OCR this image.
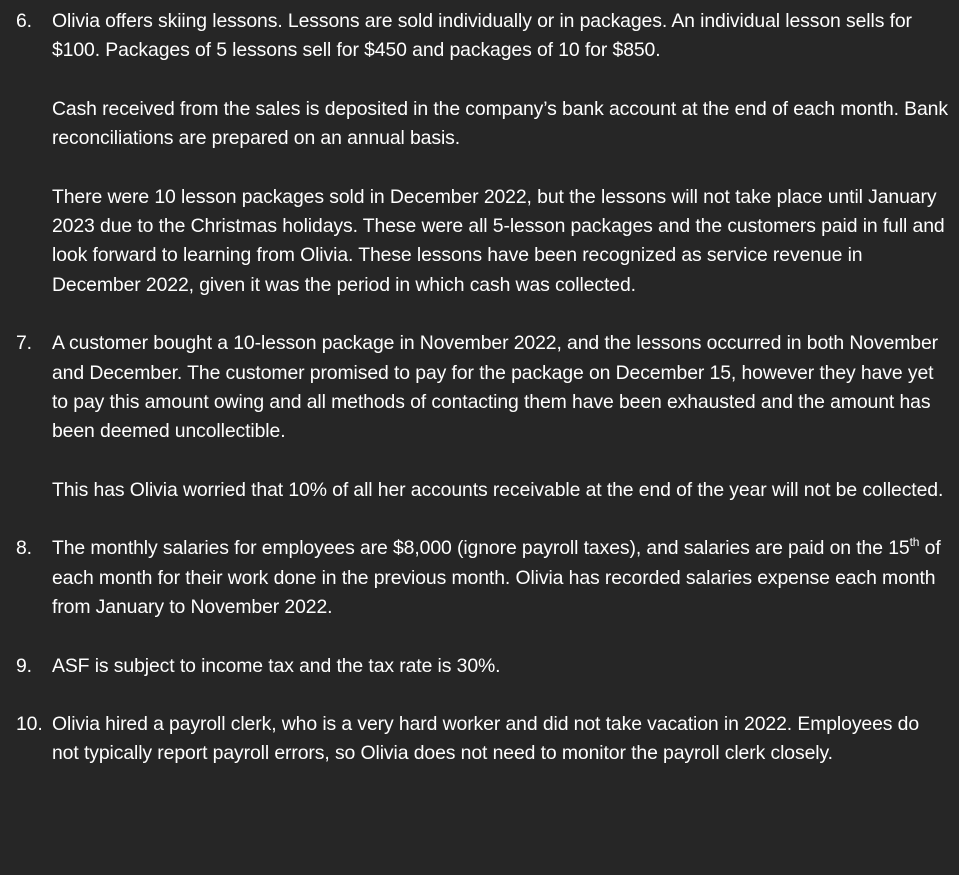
6. Olivia offers skiing lessons. Lessons are sold individually or in packages. An individual lesson sells for $100. Packages of 5 lessons sell for $450 and packages of 10 for $850.

Cash received from the sales is deposited in the company’s bank account at the end of each month. Bank reconciliations are prepared on an annual basis.

There were 10 lesson packages sold in December 2022, but the lessons will not take place until January 2023 due to the Christmas holidays. These were all 5-lesson packages and the customers paid in full and look forward to learning from Olivia. These lessons have been recognized as service revenue in December 2022, given it was the period in which cash was collected.

7. A customer bought a 10-lesson package in November 2022, and the lessons occurred in both November and December. The customer promised to pay for the package on December 15, however they have yet to pay this amount owing and all methods of contacting them have been exhausted and the amount has been deemed uncollectible.

This has Olivia worried that 10% of all her accounts receivable at the end of the year will not be collected.

8. The monthly salaries for employees are $8,000 (ignore payroll taxes), and salaries are paid on the 15th of each month for their work done in the previous month. Olivia has recorded salaries expense each month from January to November 2022.

9. ASF is subject to income tax and the tax rate is 30%.

10. Olivia hired a payroll clerk, who is a very hard worker and did not take vacation in 2022. Employees do not typically report payroll errors, so Olivia does not need to monitor the payroll clerk closely.
